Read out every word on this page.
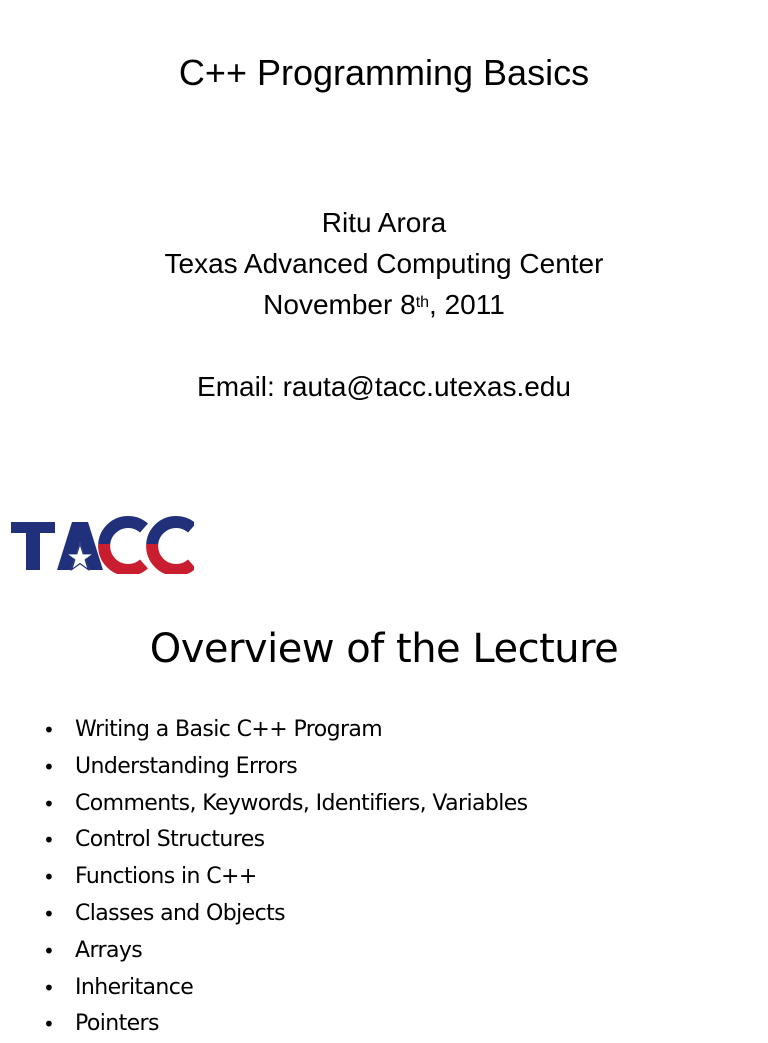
C++ Programming Basics
Ritu Arora
Texas Advanced Computing Center
November 8th, 2011
Email: rauta@tacc.utexas.edu
Overview of the Lecture
• Writing a Basic C++ Program
• Understanding Errors
• Comments, Keywords, Identifiers, Variables
• Control Structures
• Functions in C++
• Classes and Objects
• Arrays
• Inheritance
• Pointers
